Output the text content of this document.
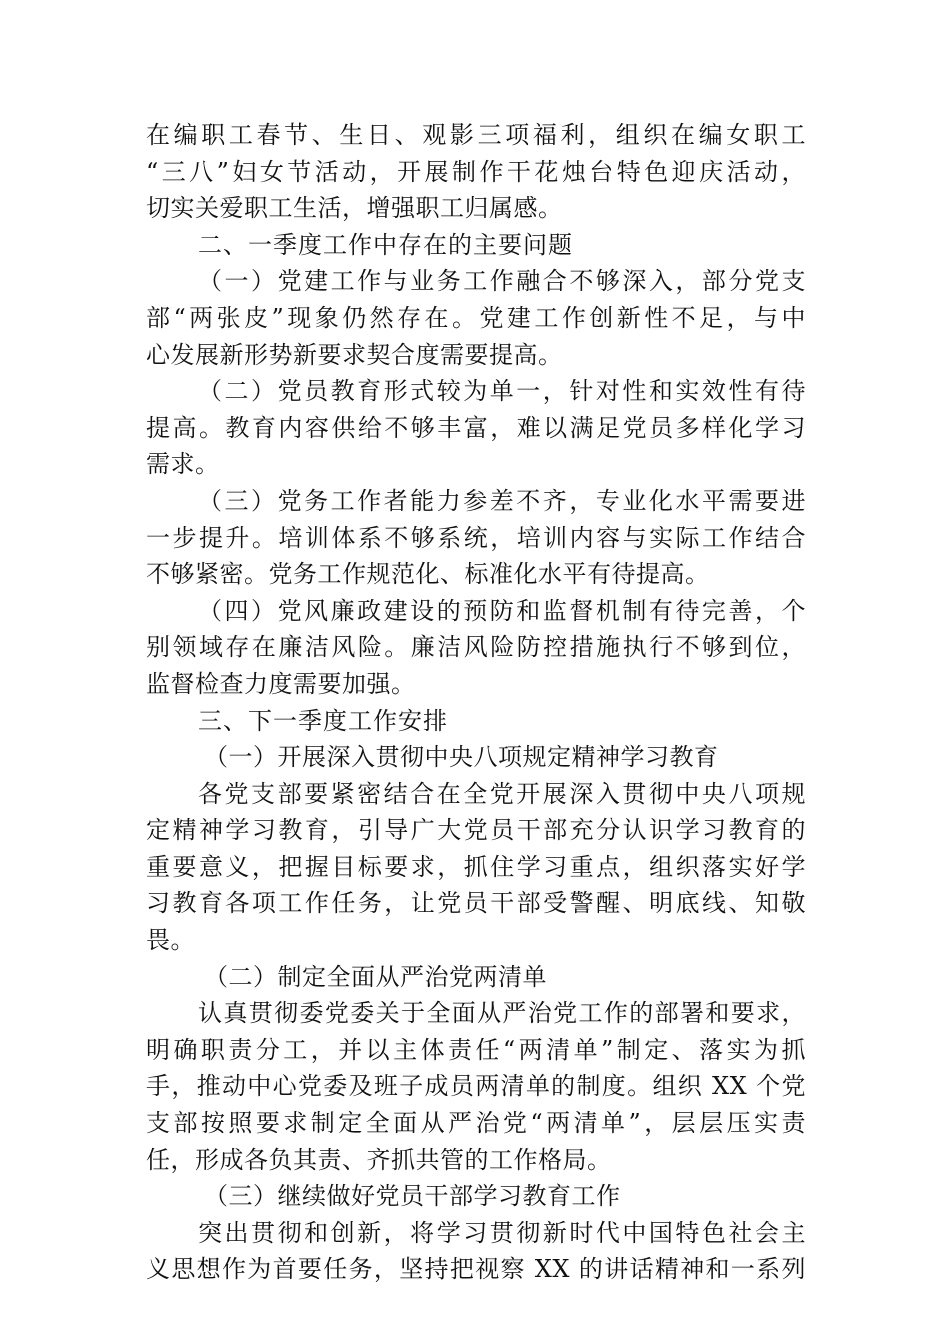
在编职工春节、生日、观影三项福利，组织在编女职工
“三八”妇女节活动，开展制作干花烛台特色迎庆活动，
切实关爱职工生活，增强职工归属感。
二、一季度工作中存在的主要问题
（一）党建工作与业务工作融合不够深入，部分党支
部“两张皮”现象仍然存在。党建工作创新性不足，与中
心发展新形势新要求契合度需要提高。
（二）党员教育形式较为单一，针对性和实效性有待
提高。教育内容供给不够丰富，难以满足党员多样化学习
需求。
（三）党务工作者能力参差不齐，专业化水平需要进
一步提升。培训体系不够系统，培训内容与实际工作结合
不够紧密。党务工作规范化、标准化水平有待提高。
（四）党风廉政建设的预防和监督机制有待完善，个
别领域存在廉洁风险。廉洁风险防控措施执行不够到位，
监督检查力度需要加强。
三、下一季度工作安排
（一）开展深入贯彻中央八项规定精神学习教育
各党支部要紧密结合在全党开展深入贯彻中央八项规
定精神学习教育，引导广大党员干部充分认识学习教育的
重要意义，把握目标要求，抓住学习重点，组织落实好学
习教育各项工作任务，让党员干部受警醒、明底线、知敬
畏。
（二）制定全面从严治党两清单
认真贯彻委党委关于全面从严治党工作的部署和要求，
明确职责分工，并以主体责任“两清单”制定、落实为抓
手，推动中心党委及班子成员两清单的制度。组织 XX 个党
支部按照要求制定全面从严治党“两清单”，层层压实责
任，形成各负其责、齐抓共管的工作格局。
（三）继续做好党员干部学习教育工作
突出贯彻和创新，将学习贯彻新时代中国特色社会主
义思想作为首要任务，坚持把视察 XX 的讲话精神和一系列
